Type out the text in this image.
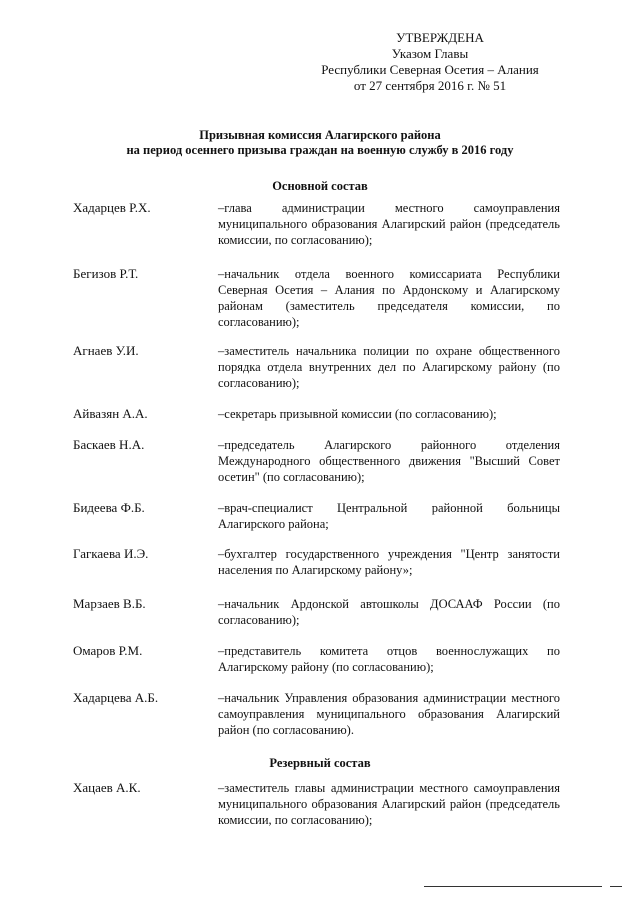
УТВЕРЖДЕНА
Указом Главы
Республики Северная Осетия – Алания
от 27 сентября 2016 г. № 51
Призывная комиссия Алагирского района
на период осеннего призыва граждан на военную службу в 2016 году
Основной состав
Хадарцев Р.Х.	–глава администрации местного самоуправления муниципального образования Алагирский район (председатель комиссии, по согласованию);
Бегизов Р.Т.	–начальник отдела военного комиссариата Республики Северная Осетия – Алания по Ардонскому и Алагирскому районам (заместитель председателя комиссии, по согласованию);
Агнаев У.И.	–заместитель начальника полиции по охране общественного порядка отдела внутренних дел по Алагирскому району (по согласованию);
Айвазян А.А.	–секретарь призывной комиссии (по согласованию);
Баскаев Н.А.	–председатель Алагирского районного отделения Международного общественного движения "Высший Совет осетин" (по согласованию);
Бидеева Ф.Б.	–врач-специалист Центральной районной больницы Алагирского района;
Гагкаева И.Э.	–бухгалтер государственного учреждения "Центр занятости населения по Алагирскому району»;
Марзаев В.Б.	–начальник Ардонской автошколы ДОСААФ России (по согласованию);
Омаров Р.М.	–представитель комитета отцов военнослужащих по Алагирскому району (по согласованию);
Хадарцева А.Б.	–начальник Управления образования администрации местного самоуправления муниципального образования Алагирский район (по согласованию).
Резервный состав
Хацаев А.К.	–заместитель главы администрации местного самоуправления муниципального образования Алагирский район (председатель комиссии, по согласованию);
